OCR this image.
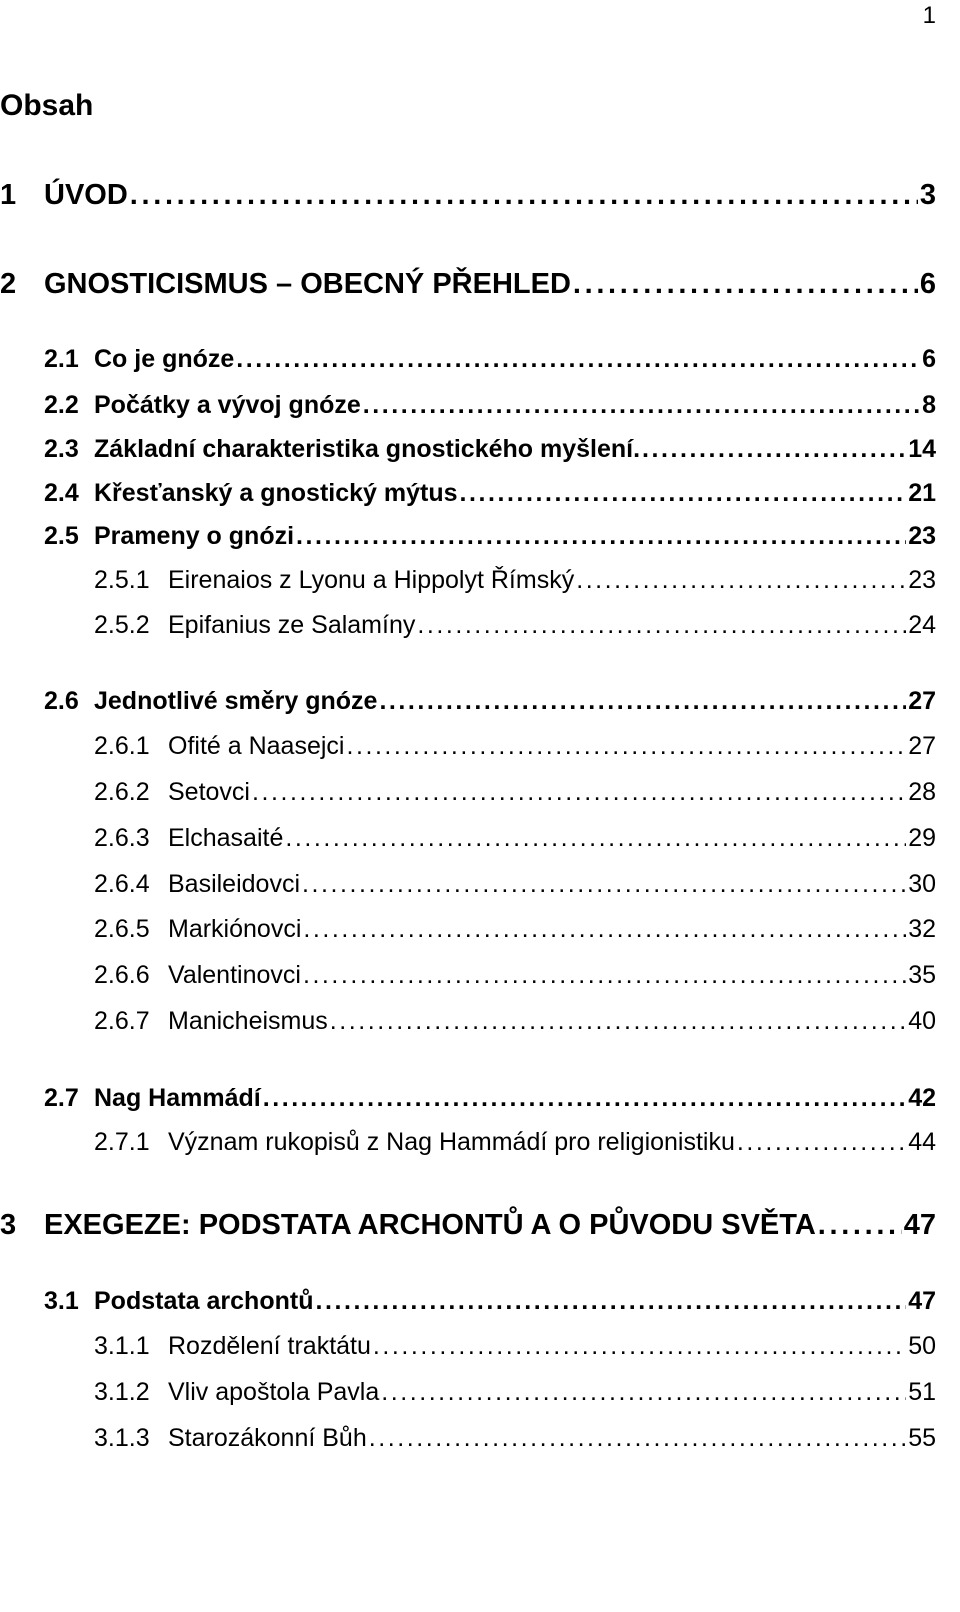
1
Obsah
1 ÚVOD . . .	3
2 GNOSTICISMUS – OBECNÝ PŘEHLED . . .	6
2.1 Co je gnóze . . .	6
2.2 Počátky a vývoj gnóze . . .	8
2.3 Základní charakteristika gnostického myšlení. . . .	14
2.4 Křesťanský a gnostický mýtus . . .	21
2.5 Prameny o gnózi . . .	23
2.5.1 Eirenaios z Lyonu a Hippolyt Římský . . .	23
2.5.2 Epifanius ze Salamíny . . .	24
2.6 Jednotlivé směry gnóze . . .	27
2.6.1 Ofité a Naasejci . . .	27
2.6.2 Setovci . . .	28
2.6.3 Elchasaité . . .	29
2.6.4 Basileidovci . . .	30
2.6.5 Markiónovci . . .	32
2.6.6 Valentinovci . . .	35
2.6.7 Manicheismus . . .	40
2.7 Nag Hammádí . . .	42
2.7.1 Význam rukopisů z Nag Hammádí pro religionistiku . . .	44
3 EXEGEZE: PODSTATA ARCHONTŮ A O PŮVODU SVĚTA . . .	47
3.1 Podstata archontů . . .	47
3.1.1 Rozdělení traktátu . . .	50
3.1.2 Vliv apoštola Pavla . . .	51
3.1.3 Starozákonní Bůh . . .	55
